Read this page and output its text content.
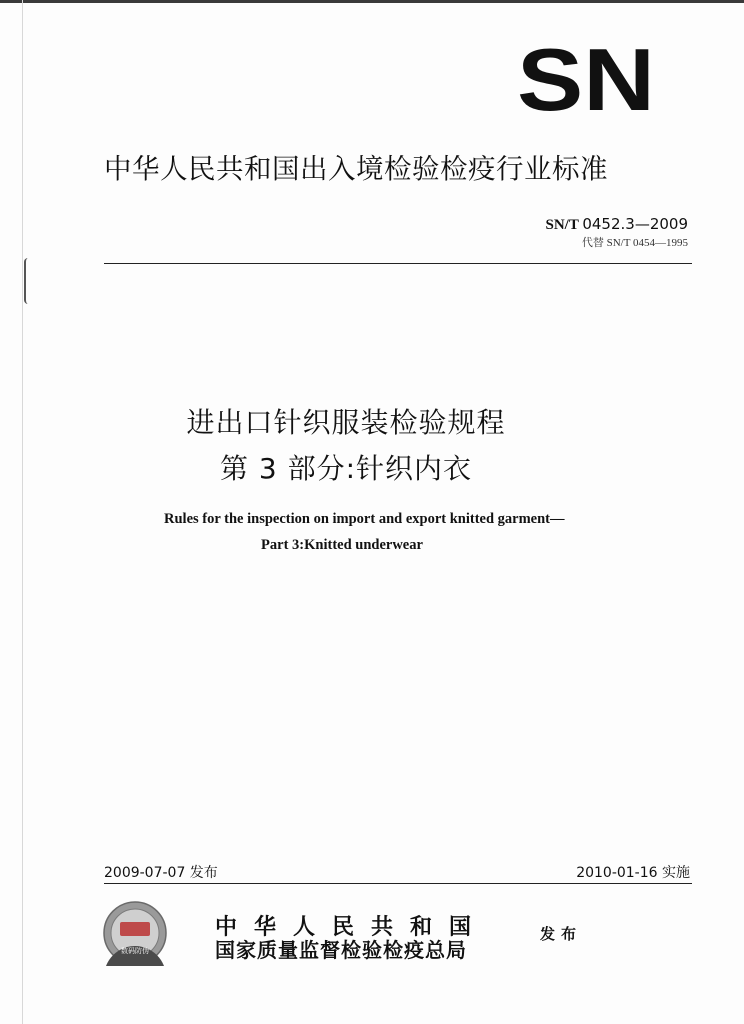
SN
中华人民共和国出入境检验检疫行业标准
SN/T 0452.3—2009
代替 SN/T 0454—1995
进出口针织服装检验规程
第 3 部分:针织内衣
Rules for the inspection on import and export knitted garment—
Part 3:Knitted underwear
2009-07-07 发布	2010-01-16 实施
数码防伪
中华人民共和国
国家质量监督检验检疫总局
发布
